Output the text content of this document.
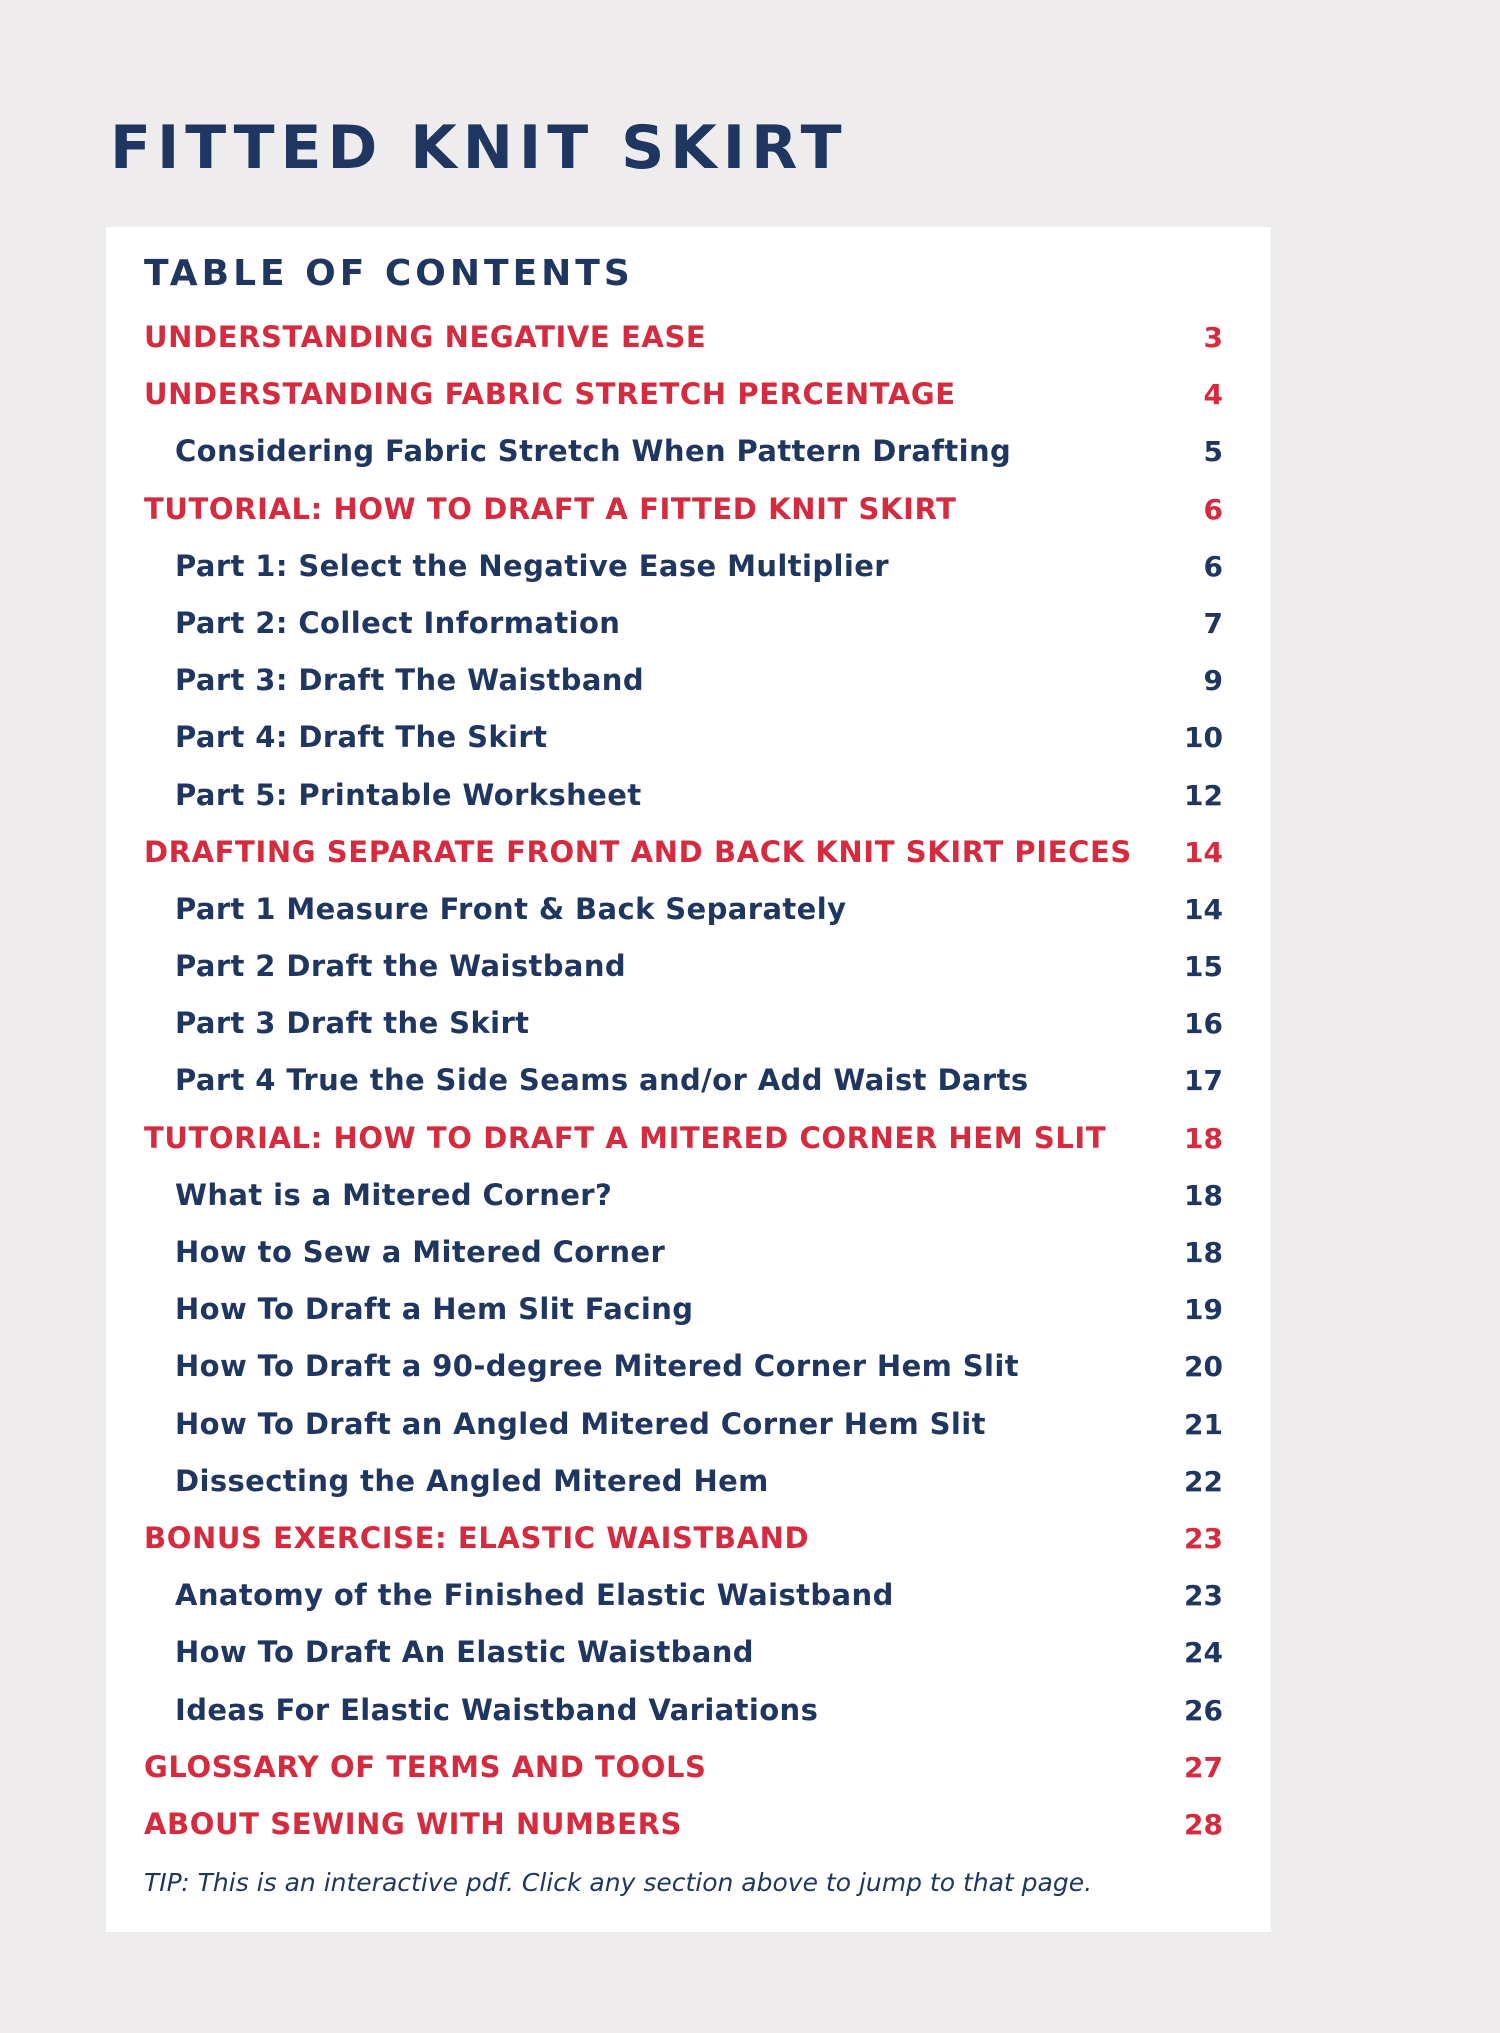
FITTED KNIT SKIRT
TABLE OF CONTENTS
UNDERSTANDING NEGATIVE EASE	3
UNDERSTANDING FABRIC STRETCH PERCENTAGE	4
Considering Fabric Stretch When Pattern Drafting	5
TUTORIAL: HOW TO DRAFT A FITTED KNIT SKIRT	6
Part 1: Select the Negative Ease Multiplier	6
Part 2: Collect Information	7
Part 3: Draft The Waistband	9
Part 4: Draft The Skirt	10
Part 5: Printable Worksheet	12
DRAFTING SEPARATE FRONT AND BACK KNIT SKIRT PIECES 14
Part 1 Measure Front & Back Separately	14
Part 2 Draft the Waistband	15
Part 3 Draft the Skirt	16
Part 4 True the Side Seams and/or Add Waist Darts	17
TUTORIAL: HOW TO DRAFT A MITERED CORNER HEM SLIT	18
What is a Mitered Corner?	18
How to Sew a Mitered Corner	18
How To Draft a Hem Slit Facing	19
How To Draft a 90-degree Mitered Corner Hem Slit	20
How To Draft an Angled Mitered Corner Hem Slit	21
Dissecting the Angled Mitered Hem	22
BONUS EXERCISE: ELASTIC WAISTBAND	23
Anatomy of the Finished Elastic Waistband	23
How To Draft An Elastic Waistband	24
Ideas For Elastic Waistband Variations	26
GLOSSARY OF TERMS AND TOOLS	27
ABOUT SEWING WITH NUMBERS	28

TIP: This is an interactive pdf. Click any section above to jump to that page.
